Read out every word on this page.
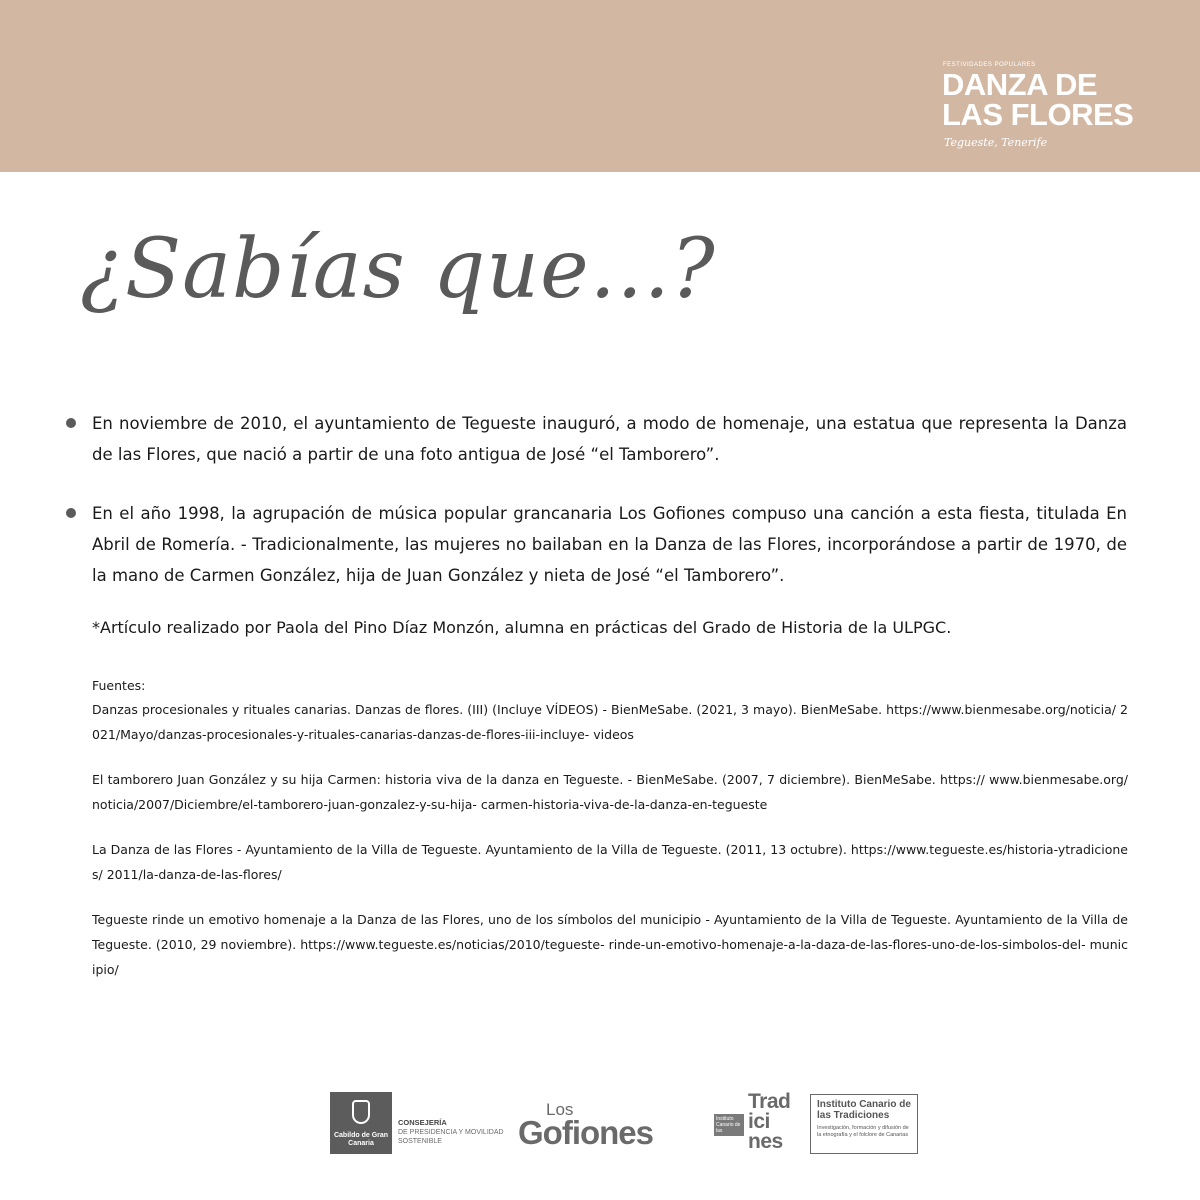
FESTIVIDADES POPULARES
DANZA DE
LAS FLORES
Tegueste, Tenerife
¿Sabías que...?
En noviembre de 2010, el ayuntamiento de Tegueste inauguró, a modo de homenaje, una estatua que representa la Danza de las Flores, que nació a partir de una foto antigua de José “el Tamborero”.
En el año 1998, la agrupación de música popular grancanaria Los Gofiones compuso una canción a esta fiesta, titulada En Abril de Romería. - Tradicionalmente, las mujeres no bailaban en la Danza de las Flores, incorporándose a partir de 1970, de la mano de Carmen González, hija de Juan González y nieta de José “el Tamborero”.
*Artículo realizado por Paola del Pino Díaz Monzón, alumna en prácticas del Grado de Historia de la ULPGC.
Fuentes:
Danzas procesionales y rituales canarias. Danzas de flores. (III) (Incluye VÍDEOS) - BienMeSabe. (2021, 3 mayo). BienMeSabe. https://www.bienmesabe.org/noticia/ 2021/Mayo/danzas-procesionales-y-rituales-canarias-danzas-de-flores-iii-incluye- videos
El tamborero Juan González y su hija Carmen: historia viva de la danza en Tegueste. - BienMeSabe. (2007, 7 diciembre). BienMeSabe. https:// www.bienmesabe.org/noticia/2007/Diciembre/el-tamborero-juan-gonzalez-y-su-hija- carmen-historia-viva-de-la-danza-en-tegueste
La Danza de las Flores - Ayuntamiento de la Villa de Tegueste. Ayuntamiento de la Villa de Tegueste. (2011, 13 octubre). https://www.tegueste.es/historia-ytradiciones/ 2011/la-danza-de-las-flores/
Tegueste rinde un emotivo homenaje a la Danza de las Flores, uno de los símbolos del municipio - Ayuntamiento de la Villa de Tegueste. Ayuntamiento de la Villa de Tegueste. (2010, 29 noviembre). https://www.tegueste.es/noticias/2010/tegueste- rinde-un-emotivo-homenaje-a-la-daza-de-las-flores-uno-de-los-simbolos-del- municipio/
Cabildo de Gran Canaria
CONSEJERÍA
DE PRESIDENCIA Y MOVILIDAD SOSTENIBLE
Los
Gofiones	Instituto Canario de las
Trad ici nes
Instituto Canario de las Tradiciones
Investigación, formación y difusión de la etnografía y el folclore de Canarias
